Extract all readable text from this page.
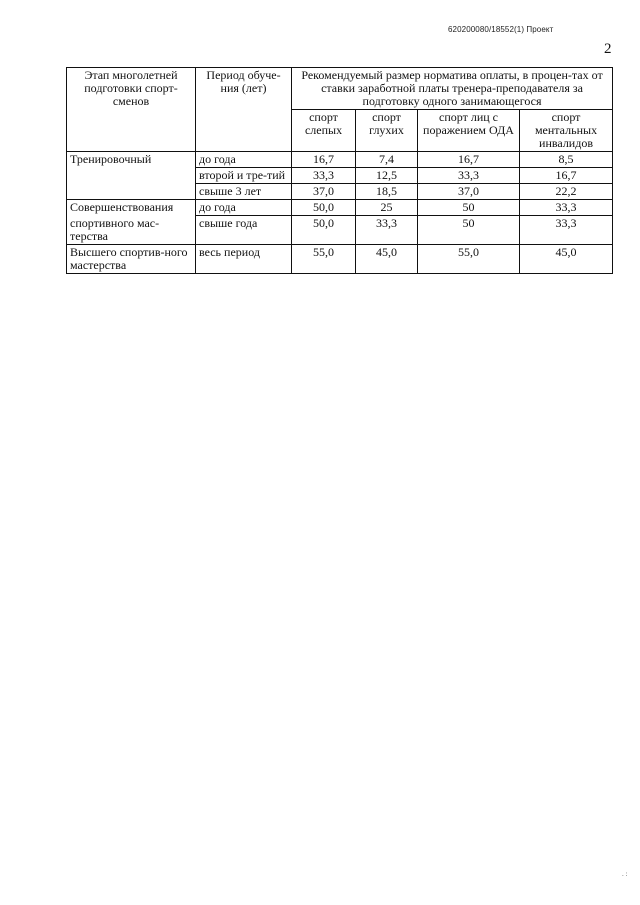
620200080/18552(1) Проект
2
Этап многолетней подготовки спорт-сменов	Период обуче-ния (лет)	Рекомендуемый размер норматива оплаты, в процен-тах от ставки заработной платы тренера-преподавателя за подготовку одного занимающегося			
		спорт слепых	спорт глухих	спорт лиц с поражением ОДА	спорт ментальных инвалидов
Тренировочный	до года	16,7	7,4	16,7	8,5
	второй и тре-тий	33,3	12,5	33,3	16,7
	свыше 3 лет	37,0	18,5	37,0	22,2
Совершенствования	до года	50,0	25	50	33,3
спортивного мас-терства	свыше года	50,0	33,3	50	33,3
Высшего спортив-ного мастерства	весь период	55,0	45,0	55,0	45,0
. :
